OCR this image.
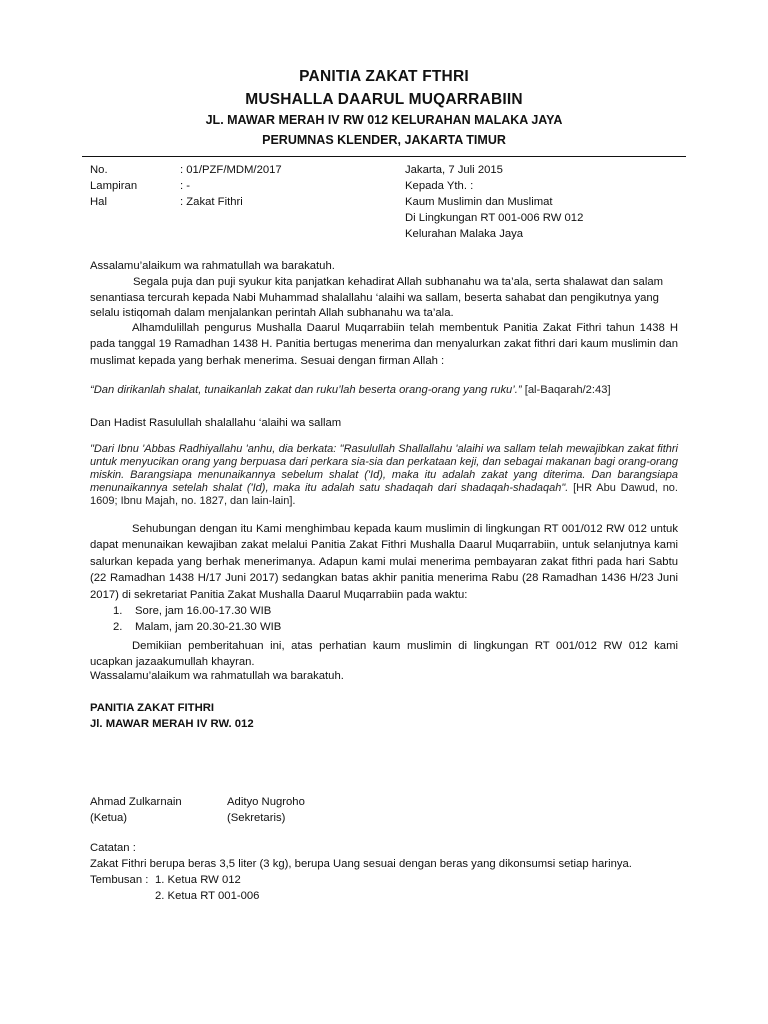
PANITIA ZAKAT FTHRI
MUSHALLA DAARUL MUQARRABIIN
JL. MAWAR MERAH IV RW 012 KELURAHAN MALAKA JAYA
PERUMNAS KLENDER, JAKARTA TIMUR
No.	: 01/PZF/MDM/2017
Lampiran	: -
Hal	: Zakat Fithri
Jakarta, 7 Juli 2015
Kepada Yth. :
Kaum Muslimin dan Muslimat
Di Lingkungan RT 001-006 RW 012
Kelurahan Malaka Jaya
Assalamu’alaikum wa rahmatullah wa barakatuh.
Segala puja dan puji syukur kita panjatkan kehadirat Allah subhanahu wa ta’ala, serta shalawat dan salam
senantiasa tercurah kepada Nabi Muhammad shalallahu ‘alaihi wa sallam, beserta sahabat dan pengikutnya yang
selalu istiqomah dalam menjalankan perintah Allah subhanahu wa ta’ala.
Alhamdulillah pengurus Mushalla Daarul Muqarrabiin telah membentuk Panitia Zakat Fithri tahun 1438 H pada tanggal 19 Ramadhan 1438 H. Panitia bertugas menerima dan menyalurkan zakat fithri dari kaum muslimin dan muslimat kepada yang berhak menerima. Sesuai dengan firman Allah :
“Dan dirikanlah shalat, tunaikanlah zakat dan ruku’lah beserta orang-orang yang ruku’.” [al-Baqarah/2:43]
Dan Hadist Rasulullah shalallahu ‘alaihi wa sallam
"Dari Ibnu 'Abbas Radhiyallahu 'anhu, dia berkata: "Rasulullah Shallallahu 'alaihi wa sallam telah mewajibkan zakat fithri untuk menyucikan orang yang berpuasa dari perkara sia-sia dan perkataan keji, dan sebagai makanan bagi orang-orang miskin. Barangsiapa menunaikannya sebelum shalat ('Id), maka itu adalah zakat yang diterima. Dan barangsiapa menunaikannya setelah shalat ('Id), maka itu adalah satu shadaqah dari shadaqah-shadaqah". [HR Abu Dawud, no. 1609; Ibnu Majah, no. 1827, dan lain-lain].
Sehubungan dengan itu Kami menghimbau kepada kaum muslimin di lingkungan RT 001/012 RW 012 untuk dapat menunaikan kewajiban zakat melalui Panitia Zakat Fithri Mushalla Daarul Muqarrabiin, untuk selanjutnya kami salurkan kepada yang berhak menerimanya. Adapun kami mulai menerima pembayaran zakat fithri pada hari Sabtu (22 Ramadhan 1438 H/17 Juni 2017) sedangkan batas akhir panitia menerima Rabu (28 Ramadhan 1436 H/23 Juni 2017) di sekretariat Panitia Zakat Mushalla Daarul Muqarrabiin pada waktu:
1. Sore, jam 16.00-17.30 WIB
2. Malam, jam 20.30-21.30 WIB
Demikiian pemberitahuan ini, atas perhatian kaum muslimin di lingkungan RT 001/012 RW 012 kami ucapkan jazaakumullah khayran.
Wassalamu’alaikum wa rahmatullah wa barakatuh.
PANITIA ZAKAT FITHRI
Jl. MAWAR MERAH IV RW. 012
Ahmad Zulkarnain
(Ketua)
Adityo Nugroho
(Sekretaris)
Catatan :
Zakat Fithri berupa beras 3,5 liter (3 kg), berupa Uang sesuai dengan beras yang dikonsumsi setiap harinya.
Tembusan : 1. Ketua RW 012
2. Ketua RT 001-006
